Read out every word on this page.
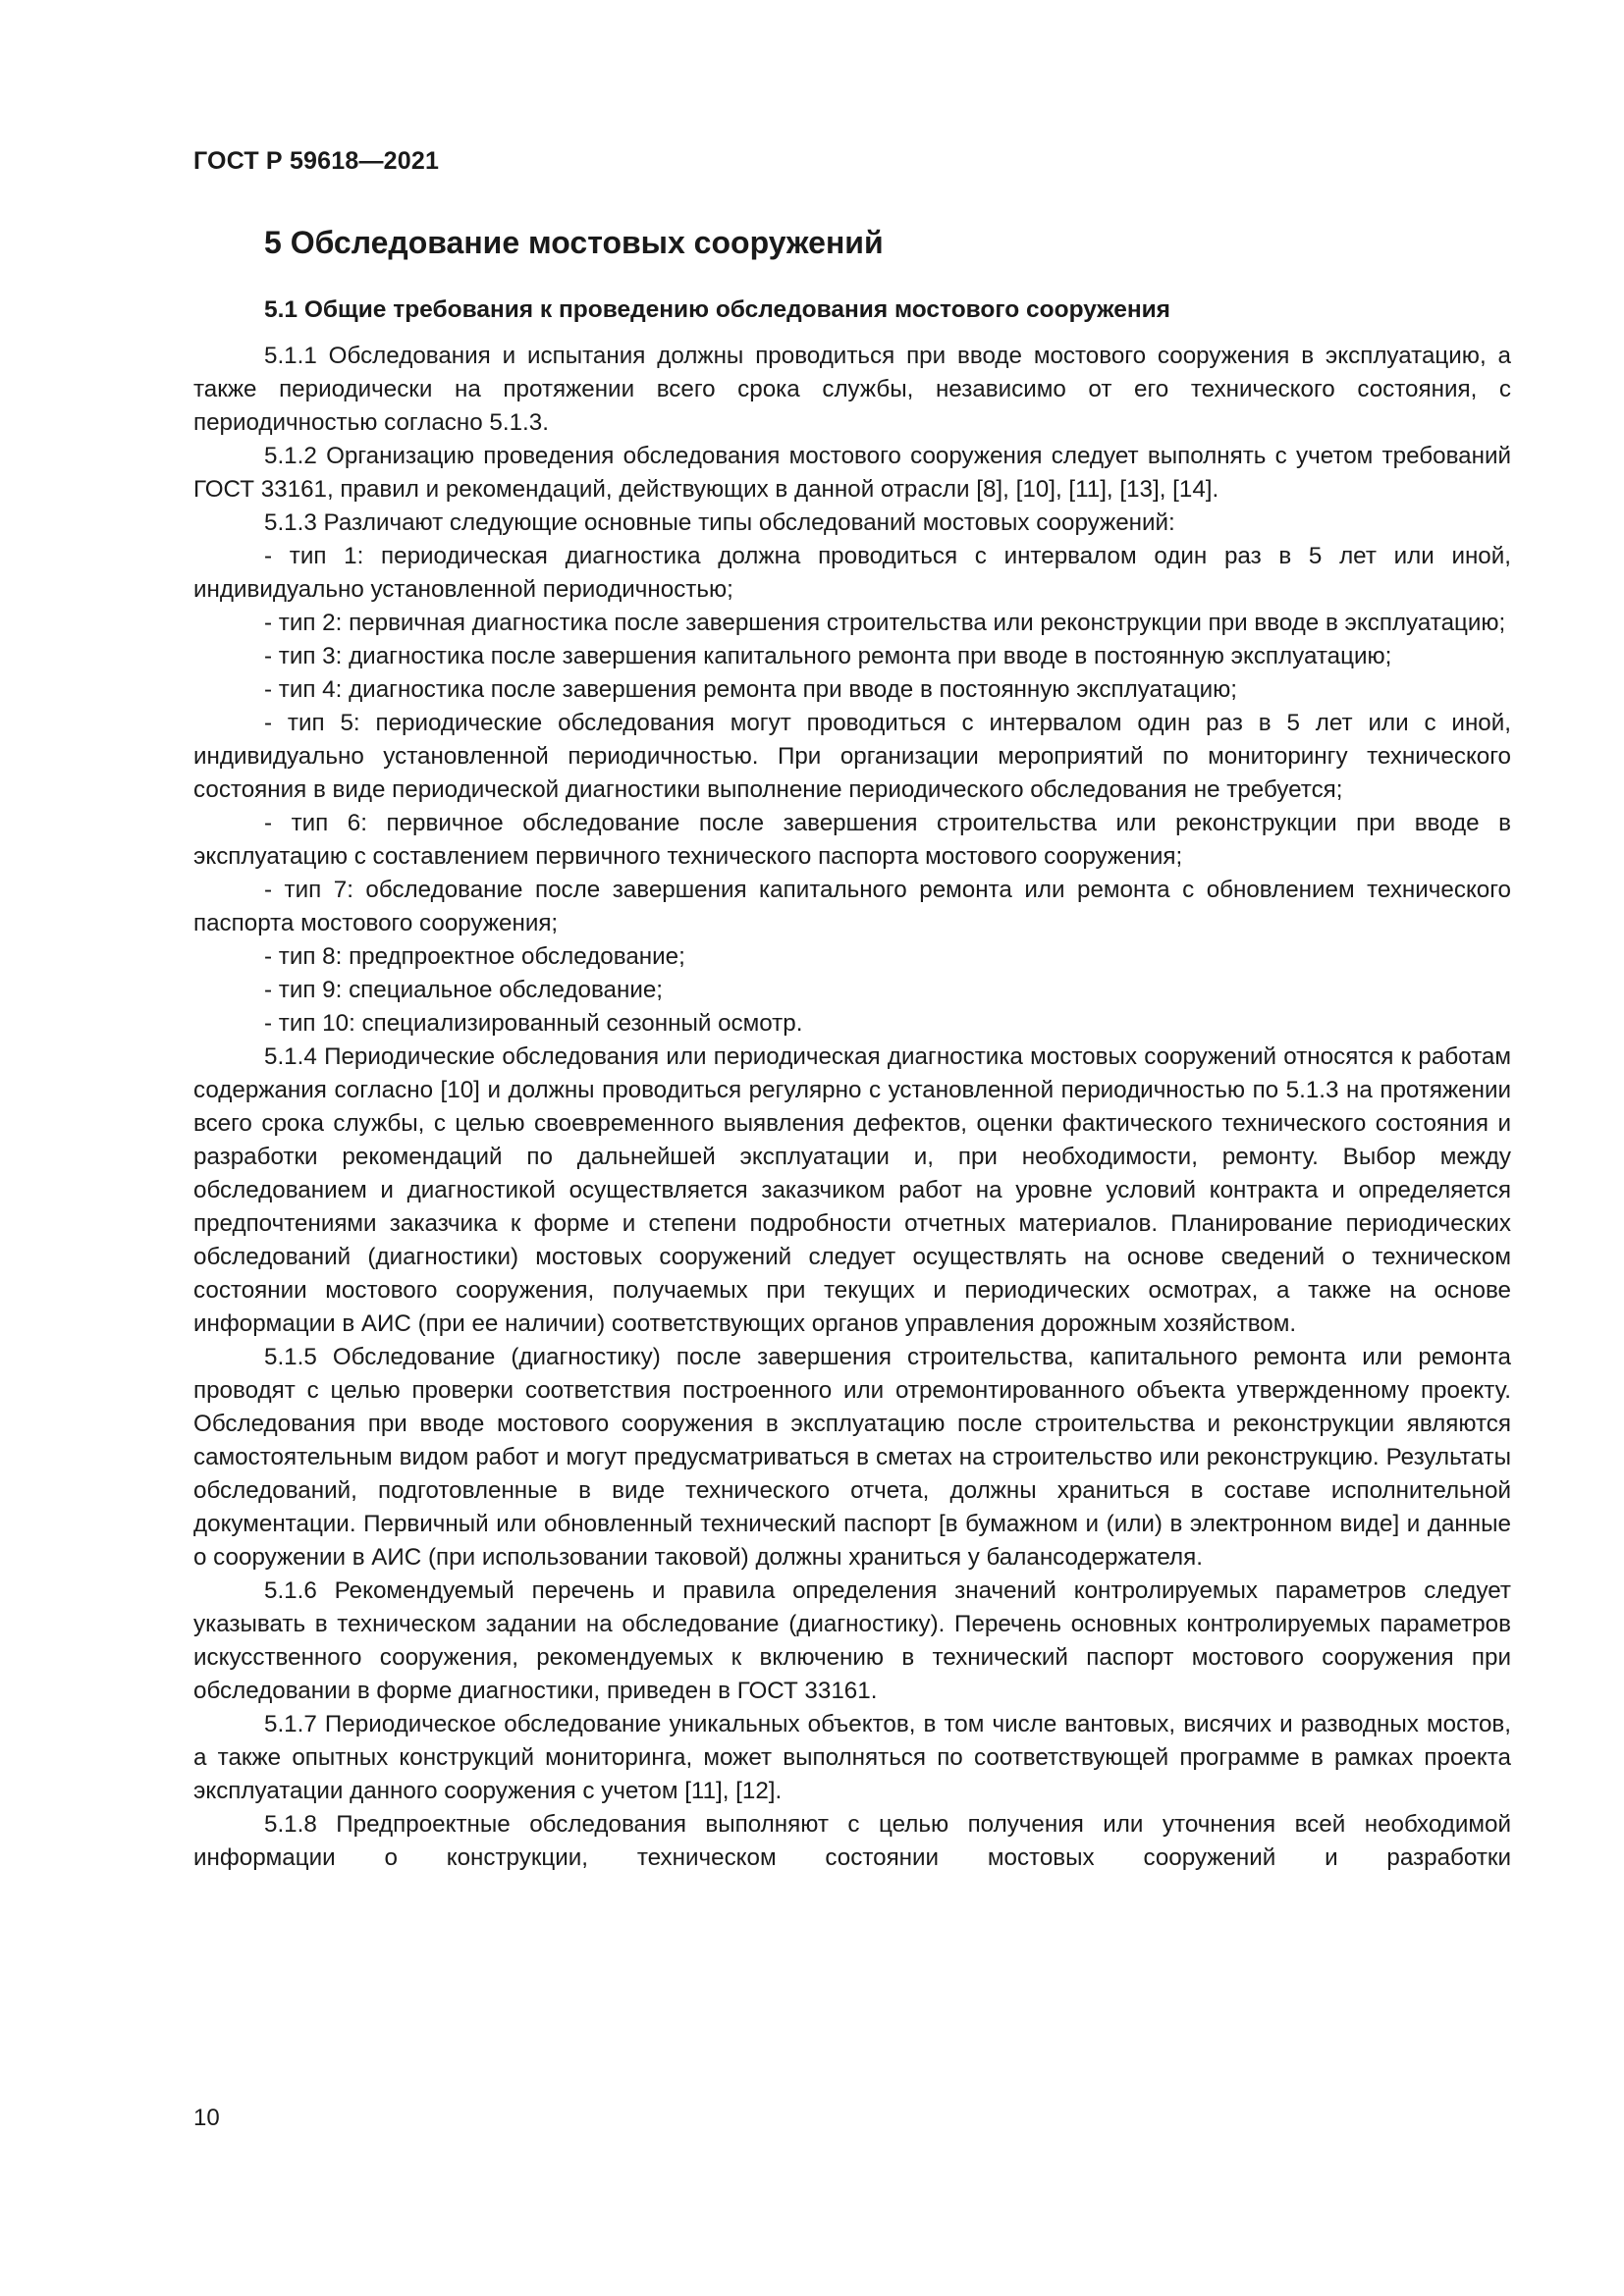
ГОСТ Р 59618—2021
5 Обследование мостовых сооружений
5.1 Общие требования к проведению обследования мостового сооружения

5.1.1 Обследования и испытания должны проводиться при вводе мостового сооружения в эксплуатацию, а также периодически на протяжении всего срока службы, независимо от его технического состояния, с периодичностью согласно 5.1.3.

5.1.2 Организацию проведения обследования мостового сооружения следует выполнять с учетом требований ГОСТ 33161, правил и рекомендаций, действующих в данной отрасли [8], [10], [11], [13], [14].

5.1.3 Различают следующие основные типы обследований мостовых сооружений:

- тип 1: периодическая диагностика должна проводиться с интервалом один раз в 5 лет или иной, индивидуально установленной периодичностью;

- тип 2: первичная диагностика после завершения строительства или реконструкции при вводе в эксплуатацию;

- тип 3: диагностика после завершения капитального ремонта при вводе в постоянную эксплуатацию;

- тип 4: диагностика после завершения ремонта при вводе в постоянную эксплуатацию;

- тип 5: периодические обследования могут проводиться с интервалом один раз в 5 лет или с иной, индивидуально установленной периодичностью. При организации мероприятий по мониторингу технического состояния в виде периодической диагностики выполнение периодического обследования не требуется;

- тип 6: первичное обследование после завершения строительства или реконструкции при вводе в эксплуатацию с составлением первичного технического паспорта мостового сооружения;

- тип 7: обследование после завершения капитального ремонта или ремонта с обновлением технического паспорта мостового сооружения;

- тип 8: предпроектное обследование;

- тип 9: специальное обследование;

- тип 10: специализированный сезонный осмотр.

5.1.4 Периодические обследования или периодическая диагностика мостовых сооружений относятся к работам содержания согласно [10] и должны проводиться регулярно с установленной периодичностью по 5.1.3 на протяжении всего срока службы, с целью своевременного выявления дефектов, оценки фактического технического состояния и разработки рекомендаций по дальнейшей эксплуатации и, при необходимости, ремонту. Выбор между обследованием и диагностикой осуществляется заказчиком работ на уровне условий контракта и определяется предпочтениями заказчика к форме и степени подробности отчетных материалов. Планирование периодических обследований (диагностики) мостовых сооружений следует осуществлять на основе сведений о техническом состоянии мостового сооружения, получаемых при текущих и периодических осмотрах, а также на основе информации в АИС (при ее наличии) соответствующих органов управления дорожным хозяйством.

5.1.5 Обследование (диагностику) после завершения строительства, капитального ремонта или ремонта проводят с целью проверки соответствия построенного или отремонтированного объекта утвержденному проекту. Обследования при вводе мостового сооружения в эксплуатацию после строительства и реконструкции являются самостоятельным видом работ и могут предусматриваться в сметах на строительство или реконструкцию. Результаты обследований, подготовленные в виде технического отчета, должны храниться в составе исполнительной документации. Первичный или обновленный технический паспорт [в бумажном и (или) в электронном виде] и данные о сооружении в АИС (при использовании таковой) должны храниться у балансодержателя.

5.1.6 Рекомендуемый перечень и правила определения значений контролируемых параметров следует указывать в техническом задании на обследование (диагностику). Перечень основных контролируемых параметров искусственного сооружения, рекомендуемых к включению в технический паспорт мостового сооружения при обследовании в форме диагностики, приведен в ГОСТ 33161.

5.1.7 Периодическое обследование уникальных объектов, в том числе вантовых, висячих и разводных мостов, а также опытных конструкций мониторинга, может выполняться по соответствующей программе в рамках проекта эксплуатации данного сооружения с учетом [11], [12].

5.1.8 Предпроектные обследования выполняют с целью получения или уточнения всей необходимой информации о конструкции, техническом состоянии мостовых сооружений и разработки

10
